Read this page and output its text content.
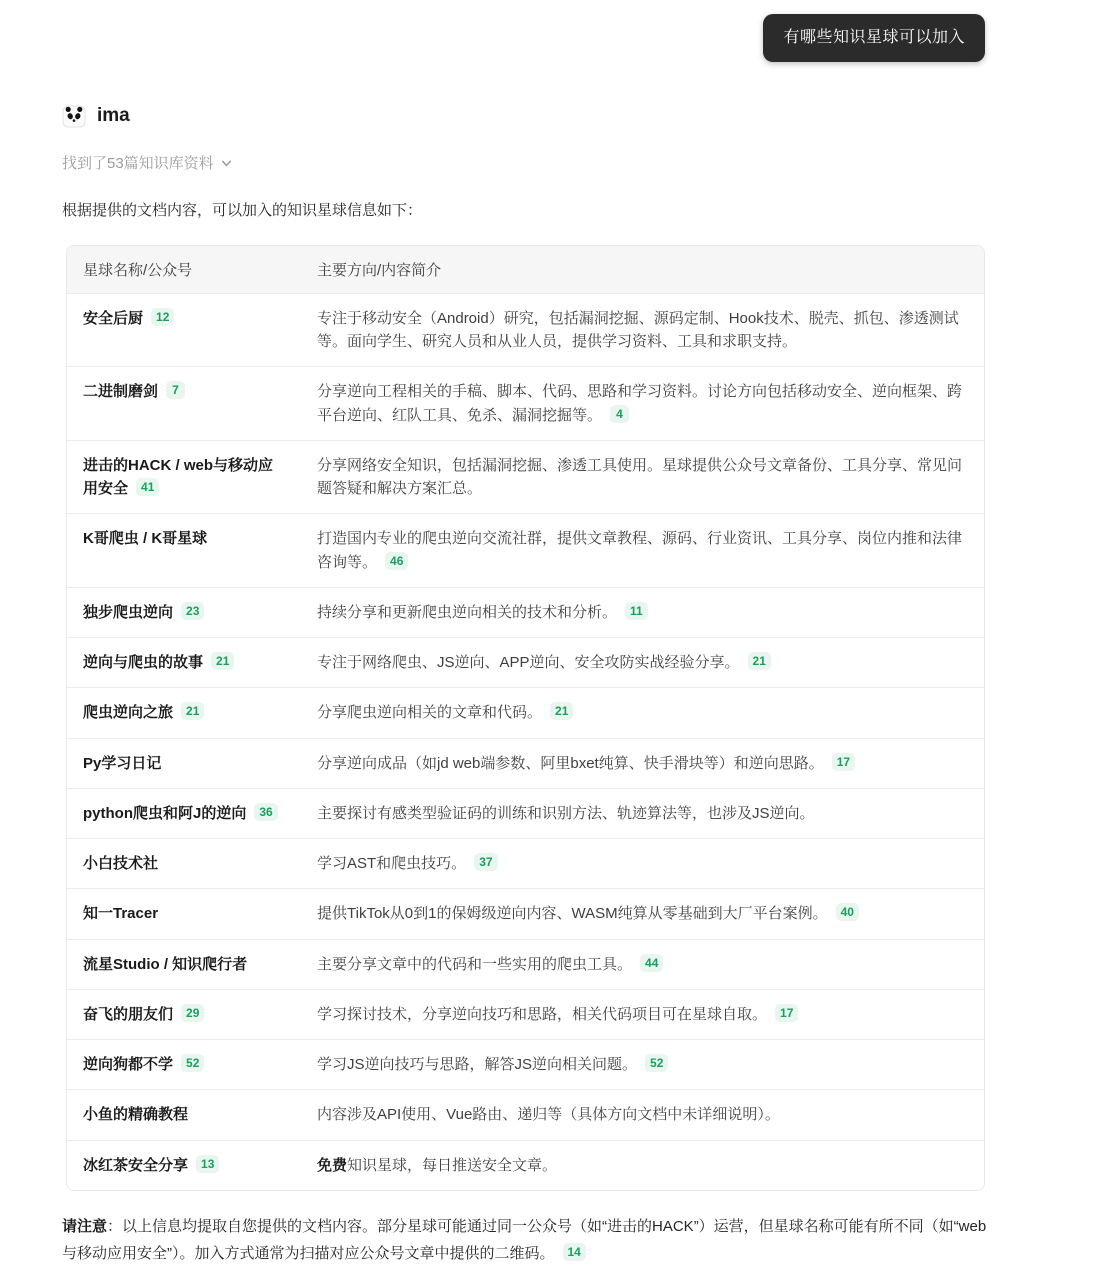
有哪些知识星球可以加入
ima
找到了53篇知识库资料

根据提供的文档内容，可以加入的知识星球信息如下：

星球名称/公众号	主要方向/内容简介
安全后厨 12	专注于移动安全（Android）研究，包括漏洞挖掘、源码定制、Hook技术、脱壳、抓包、渗透测试等。面向学生、研究人员和从业人员，提供学习资料、工具和求职支持。
二进制磨剑 7	分享逆向工程相关的手稿、脚本、代码、思路和学习资料。讨论方向包括移动安全、逆向框架、跨平台逆向、红队工具、免杀、漏洞挖掘等。 4
进击的HACK / web与移动应用安全 41	分享网络安全知识，包括漏洞挖掘、渗透工具使用。星球提供公众号文章备份、工具分享、常见问题答疑和解决方案汇总。
K哥爬虫 / K哥星球	打造国内专业的爬虫逆向交流社群，提供文章教程、源码、行业资讯、工具分享、岗位内推和法律咨询等。 46
独步爬虫逆向 23	持续分享和更新爬虫逆向相关的技术和分析。 11
逆向与爬虫的故事 21	专注于网络爬虫、JS逆向、APP逆向、安全攻防实战经验分享。 21
爬虫逆向之旅 21	分享爬虫逆向相关的文章和代码。 21
Py学习日记	分享逆向成品（如jd web端参数、阿里bxet纯算、快手滑块等）和逆向思路。 17
python爬虫和阿J的逆向 36	主要探讨有感类型验证码的训练和识别方法、轨迹算法等，也涉及JS逆向。
小白技术社	学习AST和爬虫技巧。 37
知一Tracer	提供TikTok从0到1的保姆级逆向内容、WASM纯算从零基础到大厂平台案例。 40
流星Studio / 知识爬行者	主要分享文章中的代码和一些实用的爬虫工具。 44
奋飞的朋友们 29	学习探讨技术，分享逆向技巧和思路，相关代码项目可在星球自取。 17
逆向狗都不学 52	学习JS逆向技巧与思路，解答JS逆向相关问题。 52
小鱼的精确教程	内容涉及API使用、Vue路由、递归等（具体方向文档中未详细说明）。
冰红茶安全分享 13	免费知识星球，每日推送安全文章。

请注意：以上信息均提取自您提供的文档内容。部分星球可能通过同一公众号（如“进击的HACK”）运营，但星球名称可能有所不同（如“web与移动应用安全”）。加入方式通常为扫描对应公众号文章中提供的二维码。 14
